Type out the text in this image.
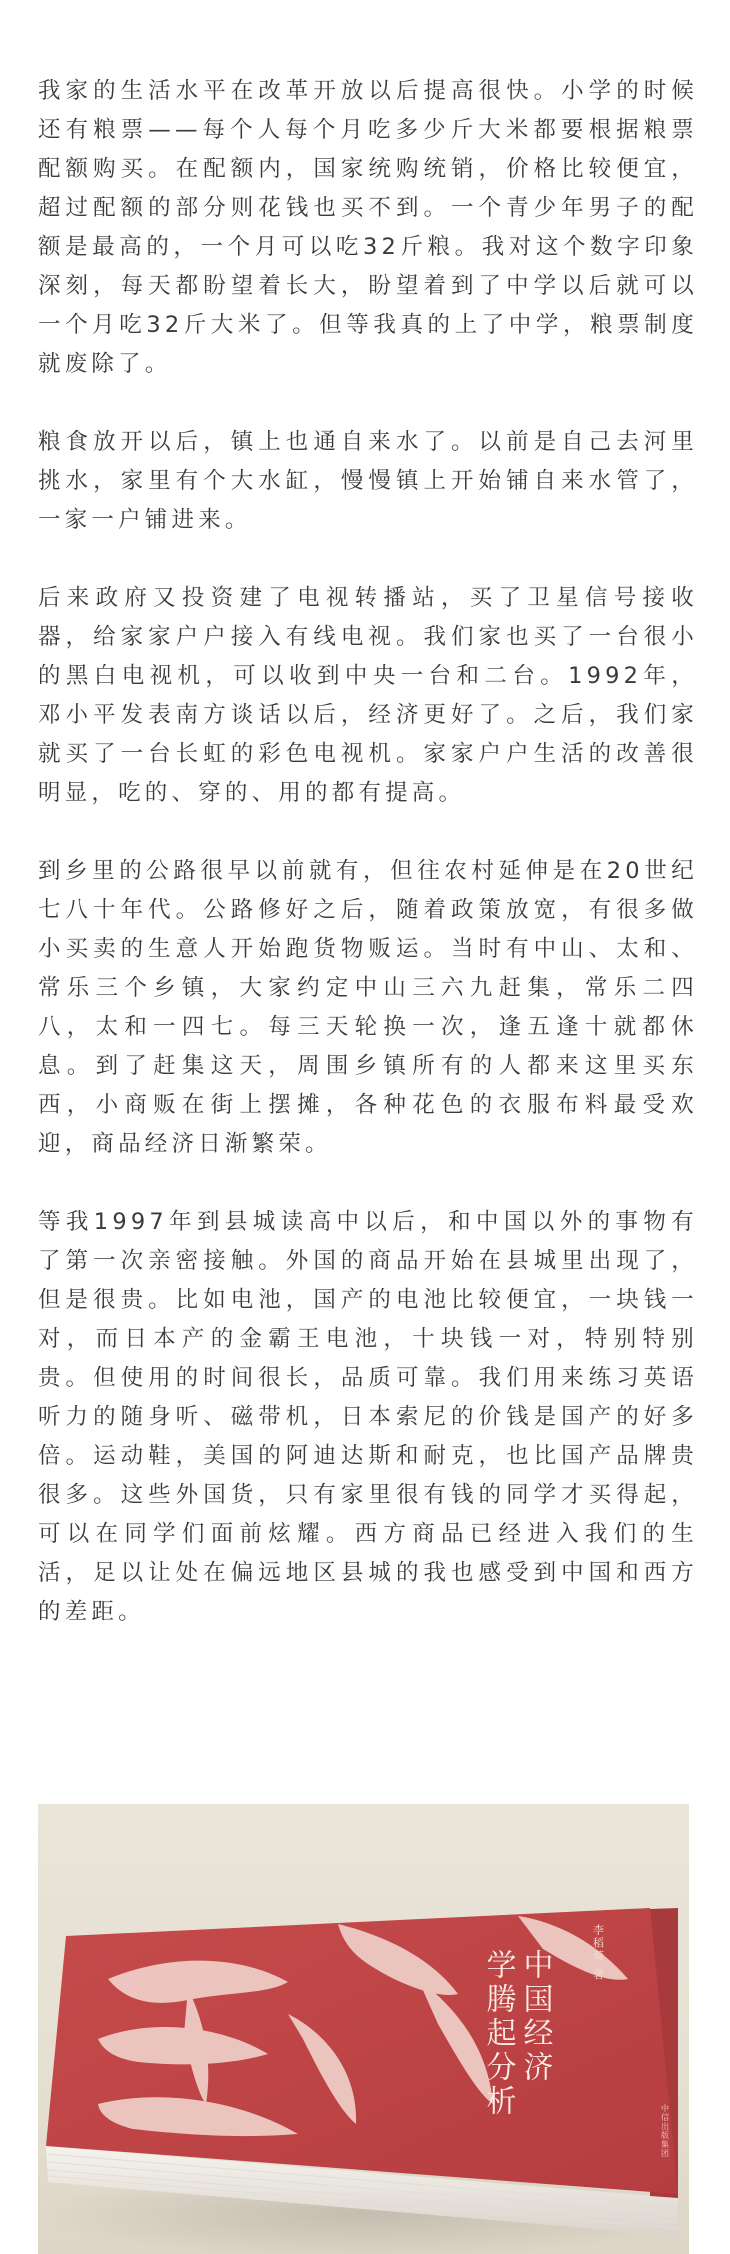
我家的生活水平在改革开放以后提高很快。小学的时候还有粮票——每个人每个月吃多少斤大米都要根据粮票配额购买。在配额内，国家统购统销，价格比较便宜，超过配额的部分则花钱也买不到。一个青少年男子的配额是最高的，一个月可以吃32斤粮。我对这个数字印象深刻，每天都盼望着长大，盼望着到了中学以后就可以一个月吃32斤大米了。但等我真的上了中学，粮票制度就废除了。

粮食放开以后，镇上也通自来水了。以前是自己去河里挑水，家里有个大水缸，慢慢镇上开始铺自来水管了，一家一户铺进来。

后来政府又投资建了电视转播站，买了卫星信号接收器，给家家户户接入有线电视。我们家也买了一台很小的黑白电视机，可以收到中央一台和二台。1992年，邓小平发表南方谈话以后，经济更好了。之后，我们家就买了一台长虹的彩色电视机。家家户户生活的改善很明显，吃的、穿的、用的都有提高。

到乡里的公路很早以前就有，但往农村延伸是在20世纪七八十年代。公路修好之后，随着政策放宽，有很多做小买卖的生意人开始跑货物贩运。当时有中山、太和、常乐三个乡镇，大家约定中山三六九赶集，常乐二四八，太和一四七。每三天轮换一次，逢五逢十就都休息。到了赶集这天，周围乡镇所有的人都来这里买东西，小商贩在街上摆摊，各种花色的衣服布料最受欢迎，商品经济日渐繁荣。

等我1997年到县城读高中以后，和中国以外的事物有了第一次亲密接触。外国的商品开始在县城里出现了，但是很贵。比如电池，国产的电池比较便宜，一块钱一对，而日本产的金霸王电池，十块钱一对，特别特别贵。但使用的时间很长，品质可靠。我们用来练习英语听力的随身听、磁带机，日本索尼的价钱是国产的好多倍。运动鞋，美国的阿迪达斯和耐克，也比国产品牌贵很多。这些外国货，只有家里很有钱的同学才买得起，可以在同学们面前炫耀。西方商品已经进入我们的生活，足以让处在偏远地区县城的我也感受到中国和西方的差距。

中国经济
学腾起分析	李稻葵 著
中信出版集团
